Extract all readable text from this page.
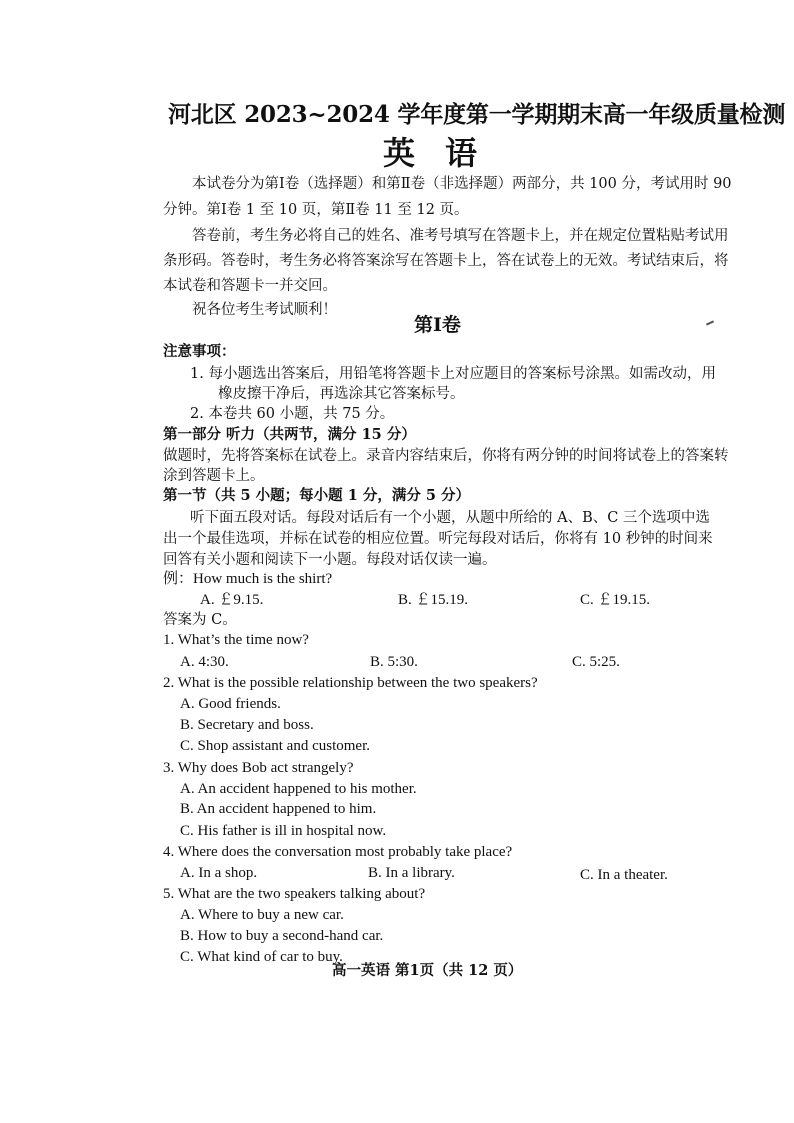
河北区 2023~2024 学年度第一学期期末高一年级质量检测
英语
本试卷分为第Ⅰ卷（选择题）和第Ⅱ卷（非选择题）两部分，共 100 分，考试用时 90
分钟。第Ⅰ卷 1 至 10 页，第Ⅱ卷 11 至 12 页。
答卷前，考生务必将自己的姓名、准考号填写在答题卡上，并在规定位置粘贴考试用
条形码。答卷时，考生务必将答案涂写在答题卡上，答在试卷上的无效。考试结束后，将
本试卷和答题卡一并交回。
祝各位考生考试顺利！
第Ⅰ卷
注意事项：
1. 每小题选出答案后，用铅笔将答题卡上对应题目的答案标号涂黑。如需改动，用
橡皮擦干净后，再选涂其它答案标号。
2. 本卷共 60 小题，共 75 分。
第一部分 听力（共两节，满分 15 分）
做题时，先将答案标在试卷上。录音内容结束后，你将有两分钟的时间将试卷上的答案转
涂到答题卡上。
第一节（共 5 小题；每小题 1 分，满分 5 分）
听下面五段对话。每段对话后有一个小题，从题中所给的 A、B、C 三个选项中选
出一个最佳选项，并标在试卷的相应位置。听完每段对话后，你将有 10 秒钟的时间来
回答有关小题和阅读下一小题。每段对话仅读一遍。
例：How much is the shirt?
A. ￡9.15.	B. ￡15.19.	C. ￡19.15.
答案为 C。
1. What’s the time now?
A. 4:30.	B. 5:30.	C. 5:25.
2. What is the possible relationship between the two speakers?
A. Good friends.
B. Secretary and boss.
C. Shop assistant and customer.
3. Why does Bob act strangely?
A. An accident happened to his mother.
B. An accident happened to him.
C. His father is ill in hospital now.
4. Where does the conversation most probably take place?
A. In a shop.	B. In a library.	C. In a theater.
5. What are the two speakers talking about?
A. Where to buy a new car.
B. How to buy a second-hand car.
C. What kind of car to buy.
高一英语 第1页（共 12 页）
